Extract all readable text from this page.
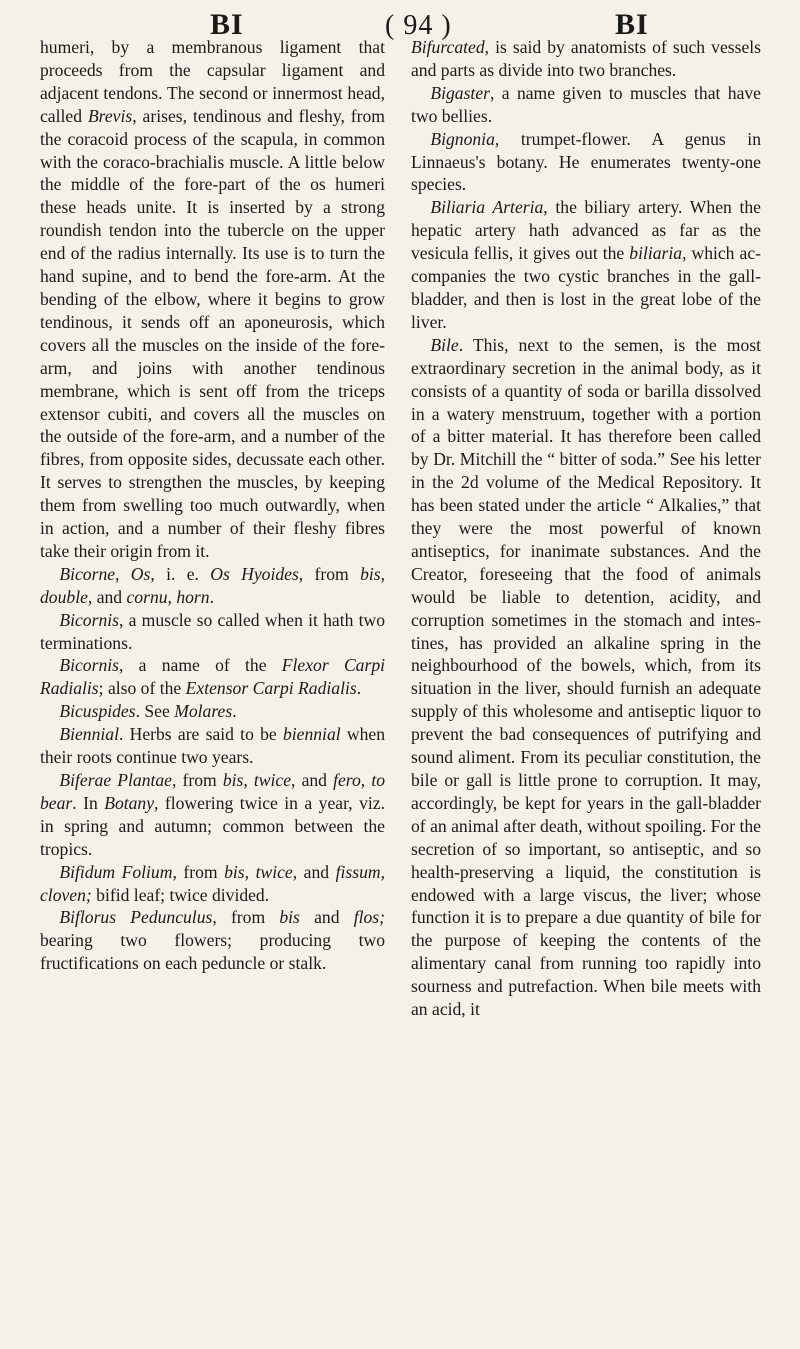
BI	( 94 )	BI

humeri, by a membranous ligament that proceeds from the capsular ligament and adjacent tendons. The second or innermost head, called Brevis, arises, tendinous and fleshy, from the coracoid process of the scapula, in common with the coraco-brachialis muscle. A little below the middle of the fore-part of the os humeri these heads unite. It is inserted by a strong roundish tendon into the tubercle on the upper end of the radius internally. Its use is to turn the hand supine, and to bend the fore-arm. At the bending of the elbow, where it begins to grow tendinous, it sends off an aponeurosis, which covers all the muscles on the inside of the fore-arm, and joins with another tendinous membrane, which is sent off from the triceps extensor cubiti, and covers all the muscles on the outside of the fore-arm, and a number of the fibres, from opposite sides, decussate each other. It serves to strengthen the muscles, by keeping them from swelling too much outwardly, when in action, and a number of their fleshy fibres take their origin from it.

Bicorne, Os, i. e. Os Hyoides, from bis, double, and cornu, horn.

Bicornis, a muscle so called when it hath two terminations.

Bicornis, a name of the Flexor Carpi Radialis; also of the Extensor Carpi Radialis.

Bicuspides. See Molares.

Biennial. Herbs are said to be biennial when their roots continue two years.

Biferae Plantae, from bis, twice, and fero, to bear. In Botany, flowering twice in a year, viz. in spring and autumn; common between the tropics.

Bifidum Folium, from bis, twice, and fissum, cloven; bifid leaf; twice divided.

Biflorus Pedunculus, from bis and flos; bearing two flowers; producing two fructifications on each peduncle or stalk.

Bifurcated, is said by anatomists of such vessels and parts as divide into two branches.

Bigaster, a name given to muscles that have two bellies.

Bignonia, trumpet-flower. A genus in Linnaeus's botany. He enumerates twenty-one species.

Biliaria Arteria, the biliary artery. When the hepatic artery hath advanced as far as the vesicula fellis, it gives out the biliaria, which accompanies the two cystic branches in the gall-bladder, and then is lost in the great lobe of the liver.

Bile. This, next to the semen, is the most extraordinary secretion in the animal body, as it consists of a quantity of soda or barilla dissolved in a watery menstruum, together with a portion of a bitter material. It has therefore been called by Dr. Mitchill the “ bitter of soda.” See his letter in the 2d volume of the Medical Repository. It has been stated under the article “ Alkalies,” that they were the most powerful of known antiseptics, for inanimate substances. And the Creator, foreseeing that the food of animals would be liable to detention, acidity, and corruption sometimes in the stomach and intestines, has provided an alkaline spring in the neighbourhood of the bowels, which, from its situation in the liver, should furnish an adequate supply of this wholesome and antiseptic liquor to prevent the bad consequences of putrifying and sound aliment. From its peculiar constitution, the bile or gall is little prone to corruption. It may, accordingly, be kept for years in the gall-bladder of an animal after death, without spoiling. For the secretion of so important, so antiseptic, and so health-preserving a liquid, the constitution is endowed with a large viscus, the liver; whose function it is to prepare a due quantity of bile for the purpose of keeping the contents of the alimentary canal from running too rapidly into sourness and putrefaction. When bile meets with an acid, it
